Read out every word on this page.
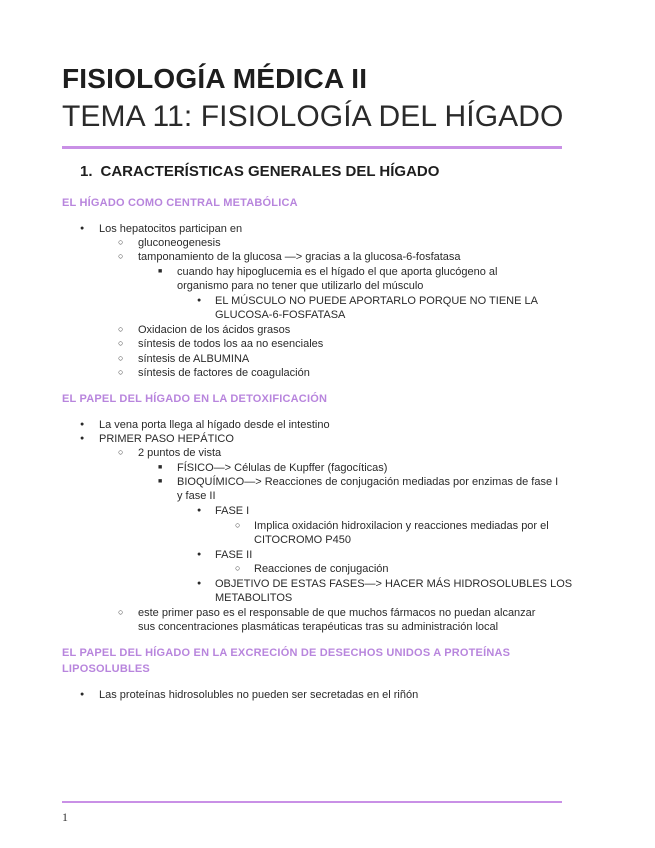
FISIOLOGÍA MÉDICA II
TEMA 11: FISIOLOGÍA DEL HÍGADO
1. CARACTERÍSTICAS GENERALES DEL HÍGADO
EL HÍGADO COMO CENTRAL METABÓLICA
●
Los hepatocitos participan en
○
gluconeogenesis
○
tamponamiento de la glucosa —> gracias a la glucosa-6-fosfatasa
■
cuando hay hipoglucemia es el hígado el que aporta glucógeno al
organismo para no tener que utilizarlo del músculo
●
EL MÚSCULO NO PUEDE APORTARLO PORQUE NO TIENE LA
GLUCOSA-6-FOSFATASA
○
Oxidacion de los ácidos grasos
○
síntesis de todos los aa no esenciales
○
síntesis de ALBUMINA
○
síntesis de factores de coagulación
EL PAPEL DEL HÍGADO EN LA DETOXIFICACIÓN
●
La vena porta llega al hígado desde el intestino
●
PRIMER PASO HEPÁTICO
○
2 puntos de vista
■
FÍSICO—> Células de Kupffer (fagocíticas)
■
BIOQUÍMICO—> Reacciones de conjugación mediadas por enzimas de fase I
y fase II
●
FASE I
○
Implica oxidación hidroxilacion y reacciones mediadas por el
CITOCROMO P450
●
FASE II
○
Reacciones de conjugación
●
OBJETIVO DE ESTAS FASES—> HACER MÁS HIDROSOLUBLES LOS
METABOLITOS
○
este primer paso es el responsable de que muchos fármacos no puedan alcanzar
sus concentraciones plasmáticas terapéuticas tras su administración local
EL PAPEL DEL HÍGADO EN LA EXCRECIÓN DE DESECHOS UNIDOS A PROTEÍNAS
LIPOSOLUBLES
●
Las proteínas hidrosolubles no pueden ser secretadas en el riñón
1
